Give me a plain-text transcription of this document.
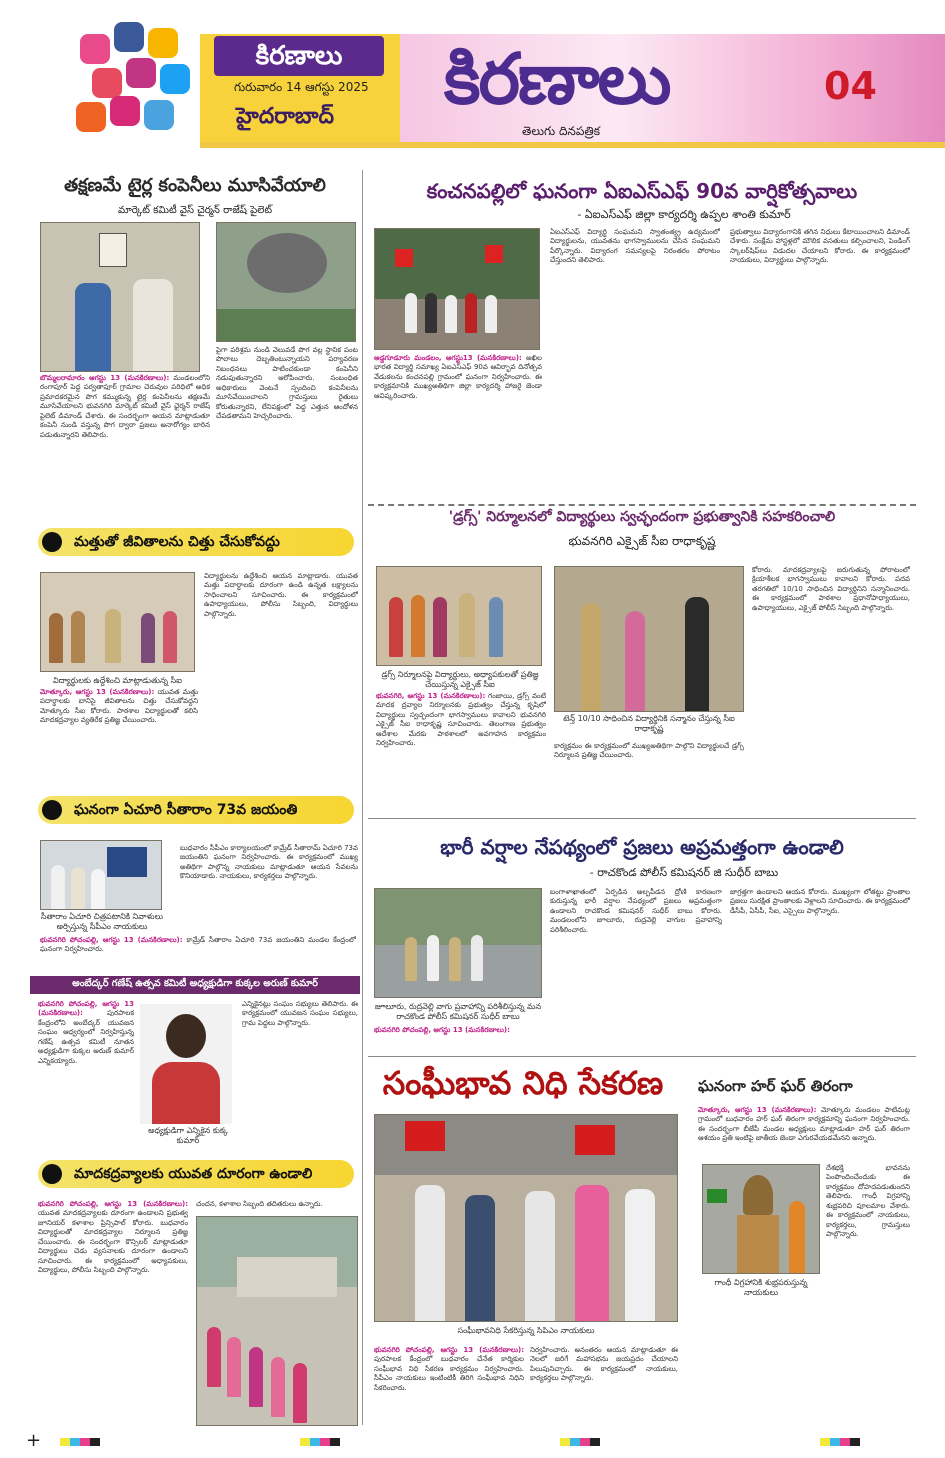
కిరణాలు
గురువారం 14 ఆగస్టు 2025
హైదరాబాద్ కిరణాలు
తెలుగు దినపత్రిక
04
తక్షణమే టైర్ల కంపెనీలు మూసివేయాలి
మార్కెట్ కమిటీ వైస్ చైర్మన్ రాజేష్ పైలెట్
బొమ్మలరామారం ఆగస్టు 13 (మనకిరణాలు): మండలంలోని రంగాపూర్ పెద్ద పర్వతాపూర్ గ్రామాల చెరువుల పరిధిలో అధిక ప్రమాదకరమైన పొగ కమ్ముకున్న టైర్ల కంపెనీలను తక్షణమే మూసివేయాలని భువనగిరి మార్కెట్ కమిటీ వైస్ ఛైర్మన్ రాజేష్ పైలెట్ డిమాండ్ చేశారు. ఈ సందర్భంగా ఆయన మాట్లాడుతూ కంపెనీ నుండి వస్తున్న పొగ ద్వారా ప్రజలు అనారోగ్యం బారిన పడుతున్నారని తెలిపారు.
పైగా పరిశ్రమ నుండి వెలువడే పొగ వల్ల స్థానిక పంట పొలాలు దెబ్బతింటున్నాయని పర్యావరణ నిబంధనలు పాటించకుండా కంపెనీని నడుపుతున్నారని ఆరోపించారు. సంబంధిత అధికారులు వెంటనే స్పందించి కంపెనీలను మూసివేయించాలని గ్రామస్తులు రైతులు కోరుతున్నారని, లేనిపక్షంలో పెద్ద ఎత్తున ఆందోళన చేపడతామని హెచ్చరించారు.
మత్తుతో జీవితాలను చిత్తు చేసుకోవద్దు
విద్యార్థులకు ఉద్దేశించి మాట్లాడుతున్న సీఐ
మోత్కూరు, ఆగస్టు 13 (మనకిరణాలు): యువత మత్తు పదార్థాలకు బానిసై జీవితాలను చిత్తు చేసుకోవద్దని మోత్కూరు సీఐ కోరారు. పాఠశాల విద్యార్థులతో కలిసి మాదకద్రవ్యాల వ్యతిరేక ప్రతిజ్ఞ చేయించారు.
విద్యార్థులను ఉద్దేశించి ఆయన మాట్లాడారు. యువత మత్తు పదార్థాలకు దూరంగా ఉండి ఉన్నత లక్ష్యాలను సాధించాలని సూచించారు. ఈ కార్యక్రమంలో ఉపాధ్యాయులు, పోలీసు సిబ్బంది, విద్యార్థులు పాల్గొన్నారు.
ఘనంగా ఏచూరి సీతారాం 73వ జయంతి
సీతారాం ఏచూరి చిత్రపటానికి నివాళులు అర్పిస్తున్న సీపీఎం నాయకులు
భువనగిరి పోచంపల్లి, ఆగస్టు 13 (మనకిరణాలు): కామ్రేడ్ సీతారాం ఏచూరి 73వ జయంతిని మండల కేంద్రంలో ఘనంగా నిర్వహించారు.
బుధవారం సీపీఎం కార్యాలయంలో కామ్రేడ్ సీతారామ్ ఏచూరి 73వ జయంతిని ఘనంగా నిర్వహించారు. ఈ కార్యక్రమంలో ముఖ్య అతిథిగా పాల్గొన్న నాయకులు మాట్లాడుతూ ఆయన సేవలను కొనియాడారు. నాయకులు, కార్యకర్తలు పాల్గొన్నారు.
అంబేద్కర్ గణేష్ ఉత్సవ కమిటీ అధ్యక్షుడిగా కుక్కల అరుణ్ కుమార్
భువనగిరి పోచంపల్లి, ఆగస్టు 13 (మనకిరణాలు):	పురపాలక కేంద్రంలోని అంబేద్కర్ యువజన సంఘం ఆధ్వర్యంలో నిర్వహిస్తున్న గణేష్ ఉత్సవ కమిటీ నూతన అధ్యక్షుడిగా కుక్కల అరుణ్ కుమార్ ఎన్నికయ్యారు.
అధ్యక్షుడిగా ఎన్నికైన కుక్క కుమార్
ఎన్నికైనట్లు సంఘం సభ్యులు తెలిపారు. ఈ కార్యక్రమంలో యువజన సంఘం సభ్యులు, గ్రామ పెద్దలు పాల్గొన్నారు.
మాదకద్రవ్యాలకు యువత దూరంగా ఉండాలి
భువనగిరి పోచంపల్లి, ఆగస్టు 13 (మనకిరణాలు): యువత మాదకద్రవ్యాలకు దూరంగా ఉండాలని ప్రభుత్వ జూనియర్ కళాశాల ప్రిన్సిపాల్ కోరారు. బుధవారం విద్యార్థులతో మాదకద్రవ్యాల నిర్మూలన ప్రతిజ్ఞ చేయించారు. ఈ సందర్భంగా కౌన్సిలర్ మాట్లాడుతూ విద్యార్థులు చెడు వ్యసనాలకు దూరంగా ఉండాలని సూచించారు. ఈ కార్యక్రమంలో అధ్యాపకులు, విద్యార్థులు, పోలీసు సిబ్బంది పాల్గొన్నారు.
చందన, కళాశాల సిబ్బంది తదితరులు ఉన్నారు.
కంచనపల్లిలో ఘనంగా ఏఐఎస్ఎఫ్ 90వ వార్షికోత్సవాలు
- ఏఐఎస్ఎఫ్ జిల్లా కార్యదర్శి ఉప్పల శాంతి కుమార్
అడ్డగూడూరు మండలం, ఆగస్టు13 (మనకిరణాలు): అఖిల భారత విద్యార్థి సమాఖ్య ఏఐఎస్ఎఫ్ 90వ ఆవిర్భావ దినోత్సవ వేడుకలను కంచనపల్లి గ్రామంలో ఘనంగా నిర్వహించారు. ఈ కార్యక్రమానికి ముఖ్యఅతిథిగా జిల్లా కార్యదర్శి హాజరై జెండా ఆవిష్కరించారు.
ఏఐఎస్ఎఫ్ విద్యార్థి సంఘమని స్వాతంత్య్ర ఉద్యమంలో విద్యార్థులను, యువతను భాగస్వాములను చేసిన సంఘమని పేర్కొన్నారు. విద్యారంగ సమస్యలపై నిరంతరం పోరాటం చేస్తుందని తెలిపారు.
ప్రభుత్వాలు విద్యారంగానికి తగిన నిధులు కేటాయించాలని డిమాండ్ చేశారు. సంక్షేమ హాస్టళ్లలో మౌలిక వసతులు కల్పించాలని, పెండింగ్ స్కాలర్‌షిప్‌లు విడుదల చేయాలని కోరారు. ఈ కార్యక్రమంలో నాయకులు, విద్యార్థులు పాల్గొన్నారు.
'డ్రగ్స్' నిర్మూలనలో విద్యార్థులు స్వచ్ఛందంగా ప్రభుత్వానికి సహకరించాలి
భువనగిరి ఎక్సైజ్ సీఐ రాధాకృష్ణ
డ్రగ్స్ నిర్మూలనపై విద్యార్థులు, అధ్యాపకులతో ప్రతిజ్ఞ చేయిస్తున్న ఎక్సైజ్ సీఐ
టెన్త్ 10/10 సాధించిన విద్యార్థినికి సన్మానం చేస్తున్న సీఐ రాధాకృష్ణ
భువనగిరి, ఆగస్టు 13 (మనకిరణాలు): గంజాయి, డ్రగ్స్ వంటి మాదక ద్రవ్యాల నిర్మూలనకు ప్రభుత్వం చేస్తున్న కృషిలో విద్యార్థులు స్వచ్ఛందంగా భాగస్వాములు కావాలని భువనగిరి ఎక్సైజ్ సీఐ రాధాకృష్ణ సూచించారు. తెలంగాణ ప్రభుత్వం ఆదేశాల మేరకు పాఠశాలలో అవగాహన కార్యక్రమం నిర్వహించారు.	కార్యక్రమం ఈ కార్యక్రమంలో ముఖ్యఅతిథిగా పాల్గొని విద్యార్థులచే డ్రగ్స్ నిర్మూలన ప్రతిజ్ఞ చేయించారు.
కోరారు. మాదకద్రవ్యాలపై జరుగుతున్న పోరాటంలో క్రియాశీలక భాగస్వాములు కావాలని కోరారు. పదవ తరగతిలో 10/10 సాధించిన విద్యార్థినిని సన్మానించారు. ఈ కార్యక్రమంలో పాఠశాల ప్రధానోపాధ్యాయులు, ఉపాధ్యాయులు, ఎక్సైజ్ పోలీస్ సిబ్బంది పాల్గొన్నారు.
భారీ వర్షాల నేపథ్యంలో ప్రజలు అప్రమత్తంగా ఉండాలి
- రాచకొండ పోలీస్ కమిషనర్ జి సుధీర్ బాబు
జూలూరు, రుద్రవెల్లి వాగు ప్రవాహాన్ని పరిశీలిస్తున్న మన రాచకొండ పోలీస్ కమిషనర్ సుధీర్ బాబు
భువనగిరి పోచంపల్లి, ఆగస్టు 13 (మనకిరణాలు):
బంగాళాఖాతంలో ఏర్పడిన అల్పపీడన ద్రోణి కారణంగా కురుస్తున్న భారీ వర్షాల నేపథ్యంలో ప్రజలు అప్రమత్తంగా ఉండాలని రాచకొండ కమిషనర్ సుధీర్ బాబు కోరారు. మండలంలోని జూలూరు, రుద్రవెల్లి వాగుల ప్రవాహాన్ని పరిశీలించారు.
జాగ్రత్తగా ఉండాలని ఆయన కోరారు. ముఖ్యంగా లోతట్టు ప్రాంతాల ప్రజలు సురక్షిత ప్రాంతాలకు వెళ్లాలని సూచించారు. ఈ కార్యక్రమంలో డీసీపీ, ఏసీపీ, సీఐ, ఎస్సైలు పాల్గొన్నారు.
సంఘీభావ నిధి సేకరణ
సంఘీభావనిధి సేకరిస్తున్న సిపిఎం నాయకులు
భువనగిరి పోచంపల్లి, ఆగస్టు 13 (మనకిరణాలు): పురపాలక కేంద్రంలో బుధవారం చేనేత కార్మికుల సంఘీభావ నిధి సేకరణ కార్యక్రమం నిర్వహించారు. సీపీఎం నాయకులు ఇంటింటికీ తిరిగి సంఘీభావ నిధిని సేకరించారు.
నిర్వహించారు. అనంతరం ఆయన మాట్లాడుతూ ఈ నెలలో జరిగే మహాసభను జయప్రదం చేయాలని పిలుపునిచ్చారు. ఈ కార్యక్రమంలో నాయకులు, కార్యకర్తలు పాల్గొన్నారు.
ఘనంగా హర్ ఘర్ తిరంగా
మోత్కూరు, ఆగస్టు 13 (మనకిరణాలు): మోత్కూరు మండలం పాటిమట్ల గ్రామంలో బుధవారం హర్ ఘర్ తిరంగా కార్యక్రమాన్ని ఘనంగా నిర్వహించారు. ఈ సందర్భంగా బీజేపీ మండల అధ్యక్షులు మాట్లాడుతూ హర్ ఘర్ తిరంగా ఆశయం ప్రతి ఇంటిపై జాతీయ జెండా ఎగురవేయడమేనని అన్నారు.
గాంధీ విగ్రహానికి శుభ్రపరుస్తున్న నాయకులు
దేశభక్తి భావనను పెంపొందించేందుకు ఈ కార్యక్రమం దోహదపడుతుందని తెలిపారు. గాంధీ విగ్రహాన్ని శుభ్రపరిచి పూలమాల వేశారు. ఈ కార్యక్రమంలో నాయకులు, కార్యకర్తలు, గ్రామస్తులు పాల్గొన్నారు.
+
